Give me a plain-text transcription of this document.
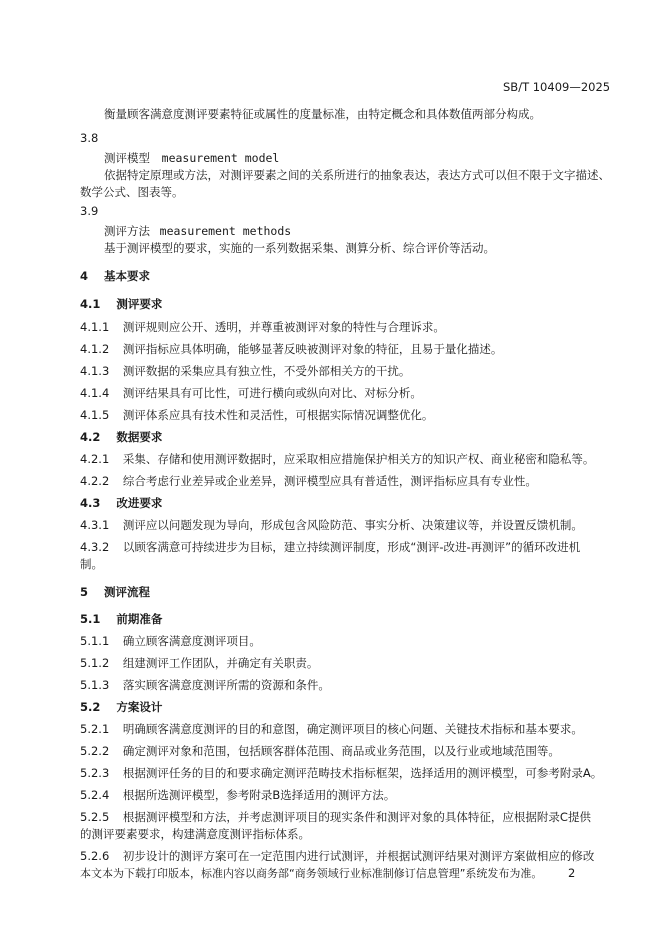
SB/T 10409—2025
衡量顾客满意度测评要素特征或属性的度量标准，由特定概念和具体数值两部分构成。
3.8
测评模型 measurement model
依据特定原理或方法，对测评要素之间的关系所进行的抽象表达，表达方式可以但不限于文字描述、
数学公式、图表等。
3.9
测评方法 measurement methods
基于测评模型的要求，实施的一系列数据采集、测算分析、综合评价等活动。
4 基本要求
4.1 测评要求
4.1.1 测评规则应公开、透明，并尊重被测评对象的特性与合理诉求。
4.1.2 测评指标应具体明确，能够显著反映被测评对象的特征，且易于量化描述。
4.1.3 测评数据的采集应具有独立性，不受外部相关方的干扰。
4.1.4 测评结果具有可比性，可进行横向或纵向对比、对标分析。
4.1.5 测评体系应具有技术性和灵活性，可根据实际情况调整优化。
4.2 数据要求
4.2.1 采集、存储和使用测评数据时，应采取相应措施保护相关方的知识产权、商业秘密和隐私等。
4.2.2 综合考虑行业差异或企业差异，测评模型应具有普适性，测评指标应具有专业性。
4.3 改进要求
4.3.1 测评应以问题发现为导向，形成包含风险防范、事实分析、决策建议等，并设置反馈机制。
4.3.2 以顾客满意可持续进步为目标，建立持续测评制度，形成“测评-改进-再测评”的循环改进机
制。
5 测评流程
5.1 前期准备
5.1.1 确立顾客满意度测评项目。
5.1.2 组建测评工作团队，并确定有关职责。
5.1.3 落实顾客满意度测评所需的资源和条件。
5.2 方案设计
5.2.1 明确顾客满意度测评的目的和意图，确定测评项目的核心问题、关键技术指标和基本要求。
5.2.2 确定测评对象和范围，包括顾客群体范围、商品或业务范围，以及行业或地域范围等。
5.2.3 根据测评任务的目的和要求确定测评范畴技术指标框架，选择适用的测评模型，可参考附录A。
5.2.4 根据所选测评模型，参考附录B选择适用的测评方法。
5.2.5 根据测评模型和方法，并考虑测评项目的现实条件和测评对象的具体特征，应根据附录C提供
的测评要素要求，构建满意度测评指标体系。
5.2.6 初步设计的测评方案可在一定范围内进行试测评，并根据试测评结果对测评方案做相应的修改
本文本为下载打印版本，标准内容以商务部“商务领域行业标准制修订信息管理”系统发布为准。 2
